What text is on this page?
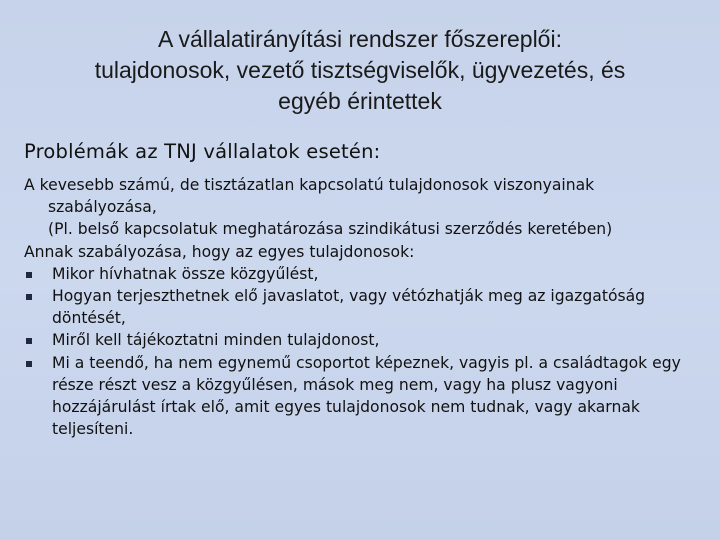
A vállalatirányítási rendszer főszereplői:
tulajdonosok, vezető tisztségviselők, ügyvezetés, és
egyéb érintettek
Problémák az TNJ vállalatok esetén:
A kevesebb számú, de tisztázatlan kapcsolatú tulajdonosok viszonyainak szabályozása,
(Pl. belső kapcsolatuk meghatározása szindikátusi szerződés keretében)
Annak szabályozása, hogy az egyes tulajdonosok:
Mikor hívhatnak össze közgyűlést,
Hogyan terjeszthetnek elő javaslatot, vagy vétózhatják meg az igazgatóság döntését,
Miről kell tájékoztatni minden tulajdonost,
Mi a teendő, ha nem egynemű csoportot képeznek, vagyis pl. a családtagok egy része részt vesz a közgyűlésen, mások meg nem, vagy ha plusz vagyoni hozzájárulást írtak elő, amit egyes tulajdonosok nem tudnak, vagy akarnak teljesíteni.
